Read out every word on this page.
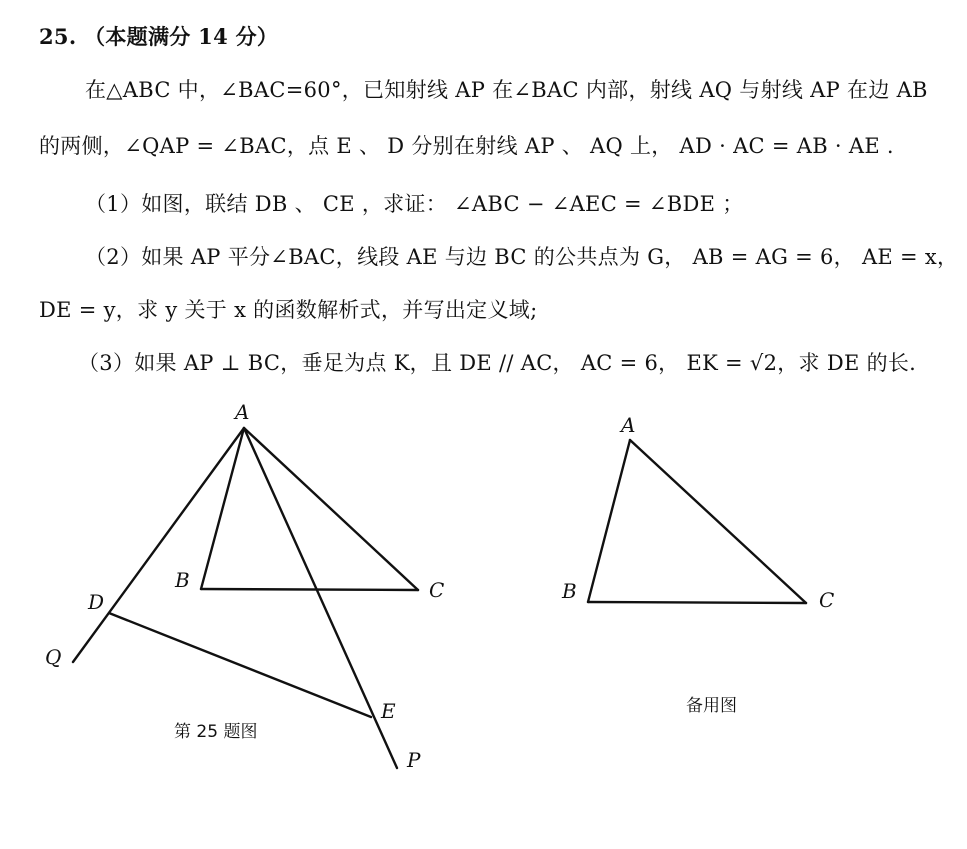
25. （本题满分 14 分）
在△ABC 中，∠BAC=60°，已知射线 AP 在∠BAC 内部，射线 AQ 与射线 AP 在边 AB
的两侧，∠QAP = ∠BAC，点 E 、 D 分别在射线 AP 、 AQ 上， AD · AC = AB · AE .
（1）如图，联结 DB 、 CE ，求证： ∠ABC − ∠AEC = ∠BDE ；
（2）如果 AP 平分∠BAC，线段 AE 与边 BC 的公共点为 G， AB = AG = 6， AE = x，
DE = y，求 y 关于 x 的函数解析式，并写出定义域;
（3）如果 AP ⊥ BC，垂足为点 K，且 DE // AC， AC = 6， EK = √2，求 DE 的长.
A
B	C
D
Q
E
P
第 25 题图
A
B	C
备用图
